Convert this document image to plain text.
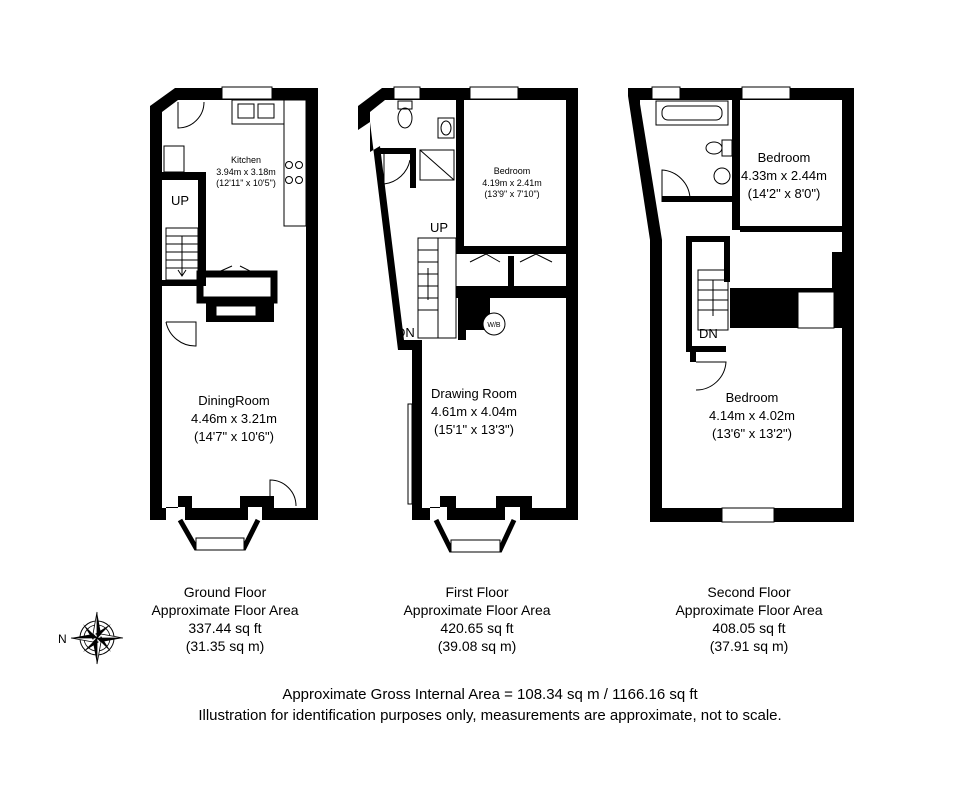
Kitchen
3.94m x 3.18m
(12'11" x 10'5")
DiningRoom
4.46m x 3.21m
(14'7" x 10'6")
Bedroom
4.19m x 2.41m
(13'9" x 7'10")
Drawing Room
4.61m x 4.04m
(15'1" x 13'3")
Bedroom
4.33m x 2.44m
(14'2" x 8'0")
Bedroom
4.14m x 4.02m
(13'6" x 13'2")
UP
UP
DN	DN
W/B
N
Ground Floor
Approximate Floor Area
337.44 sq ft
(31.35 sq m)
First Floor
Approximate Floor Area
420.65 sq ft
(39.08 sq m)
Second Floor
Approximate Floor Area
408.05 sq ft
(37.91 sq m)
Approximate Gross Internal Area = 108.34 sq m / 1166.16 sq ft
Illustration for identification purposes only, measurements are approximate, not to scale.
